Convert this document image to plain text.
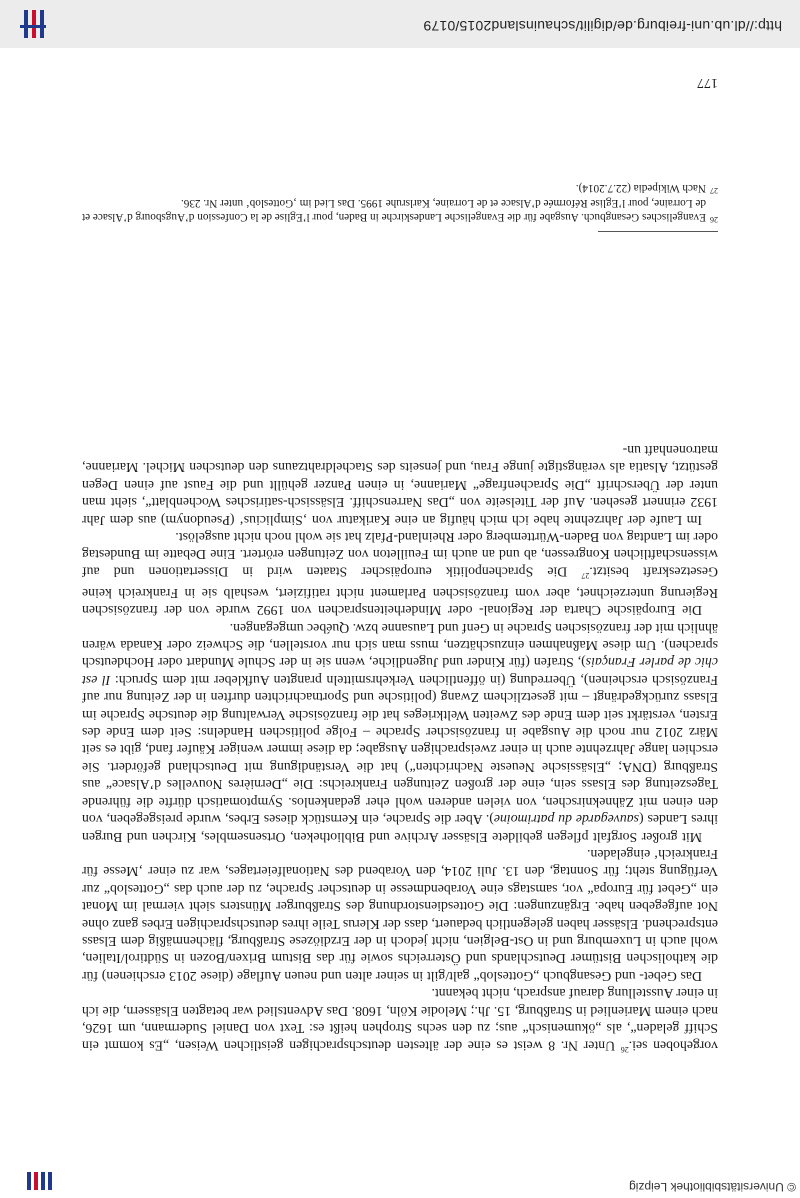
© Universitätsbibliothek Leipzig

vorgehoben sei.$^{26}$ Unter Nr. 8 weist es eine der ältesten deutschsprachigen geistlichen Weisen, „Es kommt ein Schiff geladen“, als „ökumenisch“ aus; zu den sechs Strophen heißt es: Text von Daniel Sudermann, um 1626, nach einem Marienlied in Straßburg, 15. Jh.; Melodie Köln, 1608. Das Adventslied war betagten Elsässern, die ich in einer Ausstellung darauf ansprach, nicht bekannt.

Das Gebet- und Gesangbuch „Gotteslob“ galt/gilt in seiner alten und neuen Auflage (diese 2013 erschienen) für die katholischen Bistümer Deutschlands und Österreichs sowie für das Bistum Brixen/Bozen in Südtirol/Italien, wohl auch in Luxemburg und in Ost-Belgien, nicht jedoch in der Erzdiözese Straßburg, flächenmäßig dem Elsass entsprechend. Elsässer haben gelegentlich bedauert, dass der Klerus Teile ihres deutschsprachigen Erbes ganz ohne Not aufgegeben habe. Ergänzungen: Die Gottesdienstordnung des Straßburger Münsters sieht viermal im Monat ein „Gebet für Europa“ vor, samstags eine Vorabendmesse in deutscher Sprache, zu der auch das „Gotteslob“ zur Verfügung steht; für Sonntag, den 13. Juli 2014, den Vorabend des Nationalfeiertages, war zu einer ‚Messe für Frankreich‘ eingeladen.

Mit großer Sorgfalt pflegen gebildete Elsässer Archive und Bibliotheken, Ortsensembles, Kirchen und Burgen ihres Landes (sauvegarde du patrimoine). Aber die Sprache, ein Kernstück dieses Erbes, wurde preisgegeben, von den einen mit Zähneknirschen, von vielen anderen wohl eher gedankenlos. Symptomatisch dürfte die führende Tageszeitung des Elsass sein, eine der großen Zeitungen Frankreichs: Die „Dernières Nouvelles d’Alsace“ aus Straßburg (DNA; „Elsässische Neueste Nachrichten“) hat die Verständigung mit Deutschland gefördert. Sie erschien lange Jahrzehnte auch in einer zweisprachigen Ausgabe; da diese immer weniger Käufer fand, gibt es seit März 2012 nur noch die Ausgabe in französischer Sprache – Folge politischen Handelns: Seit dem Ende des Ersten, verstärkt seit dem Ende des Zweiten Weltkrieges hat die französische Verwaltung die deutsche Sprache im Elsass zurückgedrängt – mit gesetzlichem Zwang (politische und Sportnachrichten durften in der Zeitung nur auf Französisch erscheinen), Überredung (in öffentlichen Verkehrsmitteln prangten Aufkleber mit dem Spruch: Il est chic de parler Français), Strafen (für Kinder und Jugendliche, wenn sie in der Schule Mundart oder Hochdeutsch sprachen). Um diese Maßnahmen einzuschätzen, muss man sich nur vorstellen, die Schweiz oder Kanada wären ähnlich mit der französischen Sprache in Genf und Lausanne bzw. Québec umgegangen.

Die Europäische Charta der Regional- oder Minderheitensprachen von 1992 wurde von der französischen Regierung unterzeichnet, aber vom französischen Parlament nicht ratifiziert, weshalb sie in Frankreich keine Gesetzeskraft besitzt.$^{27}$ Die Sprachenpolitik europäischer Staaten wird in Dissertationen und auf wissenschaftlichen Kongressen, ab und an auch im Feuilleton von Zeitungen erörtert. Eine Debatte im Bundestag oder im Landtag von Baden-Württemberg oder Rheinland-Pfalz hat sie wohl noch nicht ausgelöst.

Im Laufe der Jahrzehnte habe ich mich häufig an eine Karikatur von ‚Simplicius‘ (Pseudonym) aus dem Jahr 1932 erinnert gesehen. Auf der Titelseite von „Das Narrenschiff. Elsässisch-satirisches Wochenblatt“, sieht man unter der Überschrift „Die Sprachenfrage“ Marianne, in einen Panzer gehüllt und die Faust auf einen Degen gestützt, Alsatia als verängstigte junge Frau, und jenseits des Stacheldrahtzauns den deutschen Michel. Marianne, matronenhaft un-

26
Evangelisches Gesangbuch. Ausgabe für die Evangelische Landeskirche in Baden, pour l’Eglise de la Confession d’Augsbourg d’Alsace et de Lorraine, pour l’Eglise Réformée d’Alsace et de Lorraine, Karlsruhe 1995. Das Lied im ‚Gotteslob‘ unter Nr. 236.

27
Nach Wikipedia (22.7.2014).

177
http://dl.ub.uni-freiburg.de/digilit/schauinsland2015/0179
